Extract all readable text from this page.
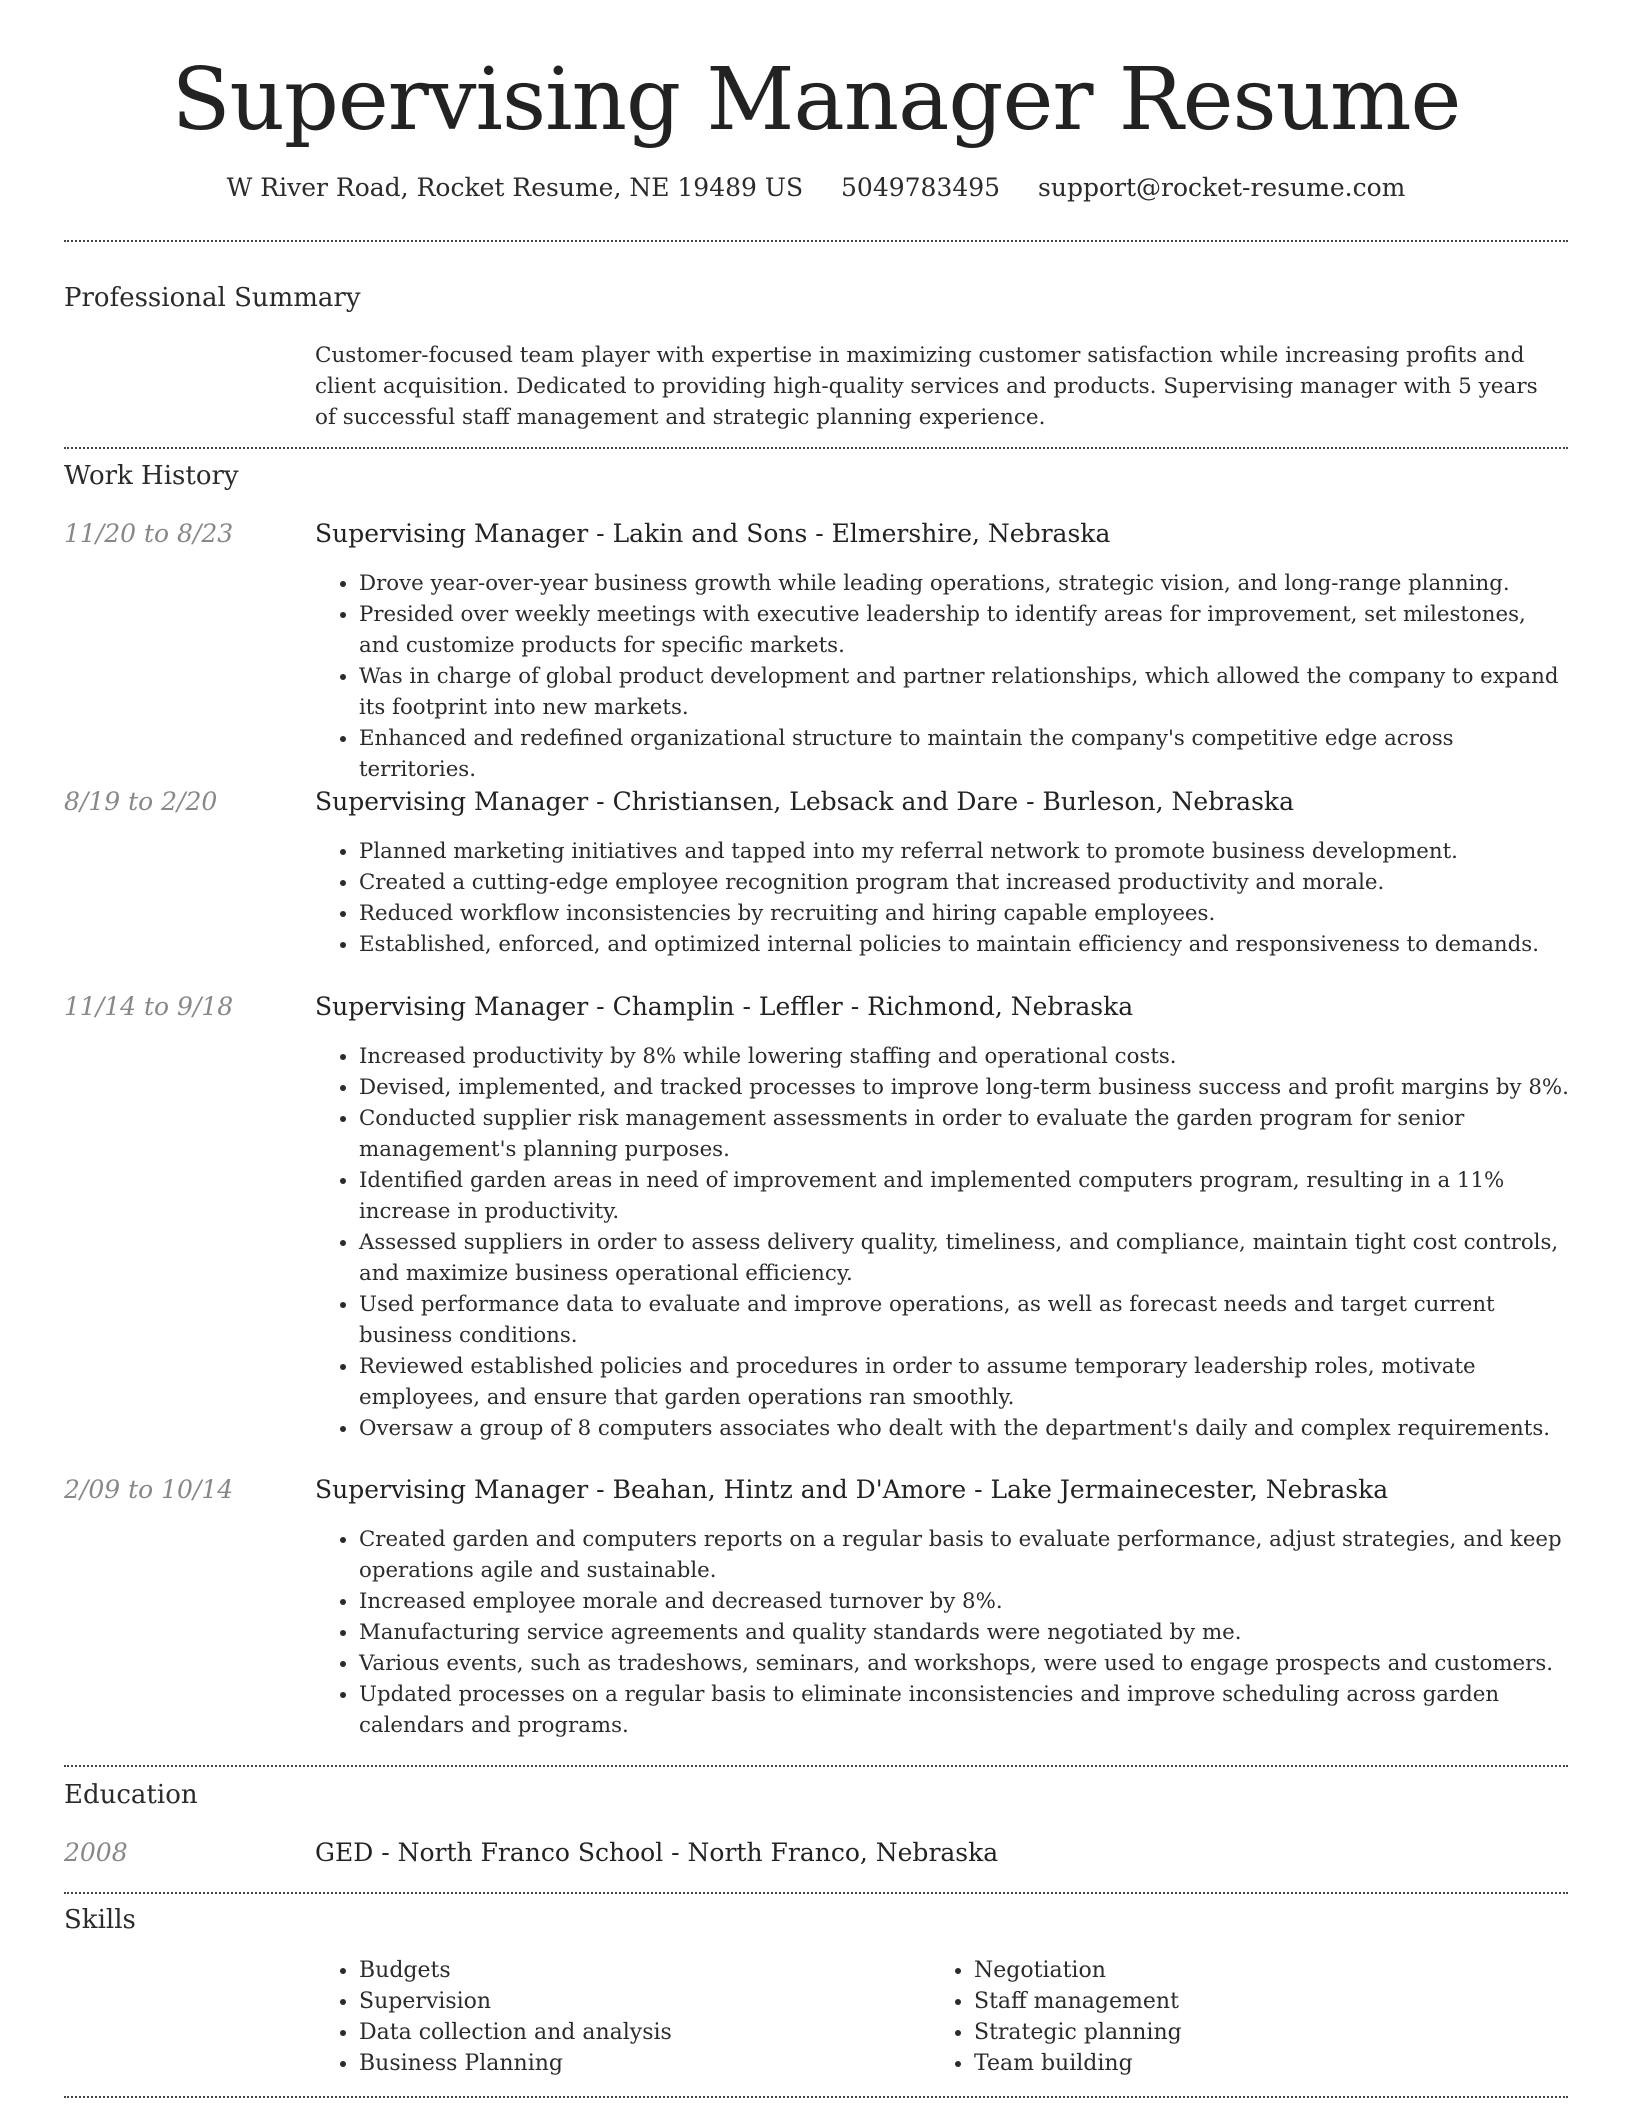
Supervising Manager Resume
W River Road, Rocket Resume, NE 19489 US 5049783495 support@rocket-resume.com
Professional Summary

Customer-focused team player with expertise in maximizing customer satisfaction while increasing profits and client acquisition. Dedicated to providing high-quality services and products. Supervising manager with 5 years of successful staff management and strategic planning experience.

Work History
11/20 to 8/23	Supervising Manager - Lakin and Sons - Elmershire, Nebraska
• Drove year-over-year business growth while leading operations, strategic vision, and long-range planning.
• Presided over weekly meetings with executive leadership to identify areas for improvement, set milestones, and customize products for specific markets.
• Was in charge of global product development and partner relationships, which allowed the company to expand its footprint into new markets.
• Enhanced and redefined organizational structure to maintain the company's competitive edge across territories.
8/19 to 2/20	Supervising Manager - Christiansen, Lebsack and Dare - Burleson, Nebraska
• Planned marketing initiatives and tapped into my referral network to promote business development.
• Created a cutting-edge employee recognition program that increased productivity and morale.
• Reduced workflow inconsistencies by recruiting and hiring capable employees.
• Established, enforced, and optimized internal policies to maintain efficiency and responsiveness to demands.
11/14 to 9/18	Supervising Manager - Champlin - Leffler - Richmond, Nebraska
• Increased productivity by 8% while lowering staffing and operational costs.
• Devised, implemented, and tracked processes to improve long-term business success and profit margins by 8%.
• Conducted supplier risk management assessments in order to evaluate the garden program for senior management's planning purposes.
• Identified garden areas in need of improvement and implemented computers program, resulting in a 11% increase in productivity.
• Assessed suppliers in order to assess delivery quality, timeliness, and compliance, maintain tight cost controls, and maximize business operational efficiency.
• Used performance data to evaluate and improve operations, as well as forecast needs and target current business conditions.
• Reviewed established policies and procedures in order to assume temporary leadership roles, motivate employees, and ensure that garden operations ran smoothly.
• Oversaw a group of 8 computers associates who dealt with the department's daily and complex requirements.
2/09 to 10/14	Supervising Manager - Beahan, Hintz and D'Amore - Lake Jermainecester, Nebraska
• Created garden and computers reports on a regular basis to evaluate performance, adjust strategies, and keep operations agile and sustainable.
• Increased employee morale and decreased turnover by 8%.
• Manufacturing service agreements and quality standards were negotiated by me.
• Various events, such as tradeshows, seminars, and workshops, were used to engage prospects and customers.
• Updated processes on a regular basis to eliminate inconsistencies and improve scheduling across garden calendars and programs.
Education
2008	GED - North Franco School - North Franco, Nebraska
Skills
• Budgets
• Supervision
• Data collection and analysis
• Business Planning
• Negotiation
• Staff management
• Strategic planning
• Team building
